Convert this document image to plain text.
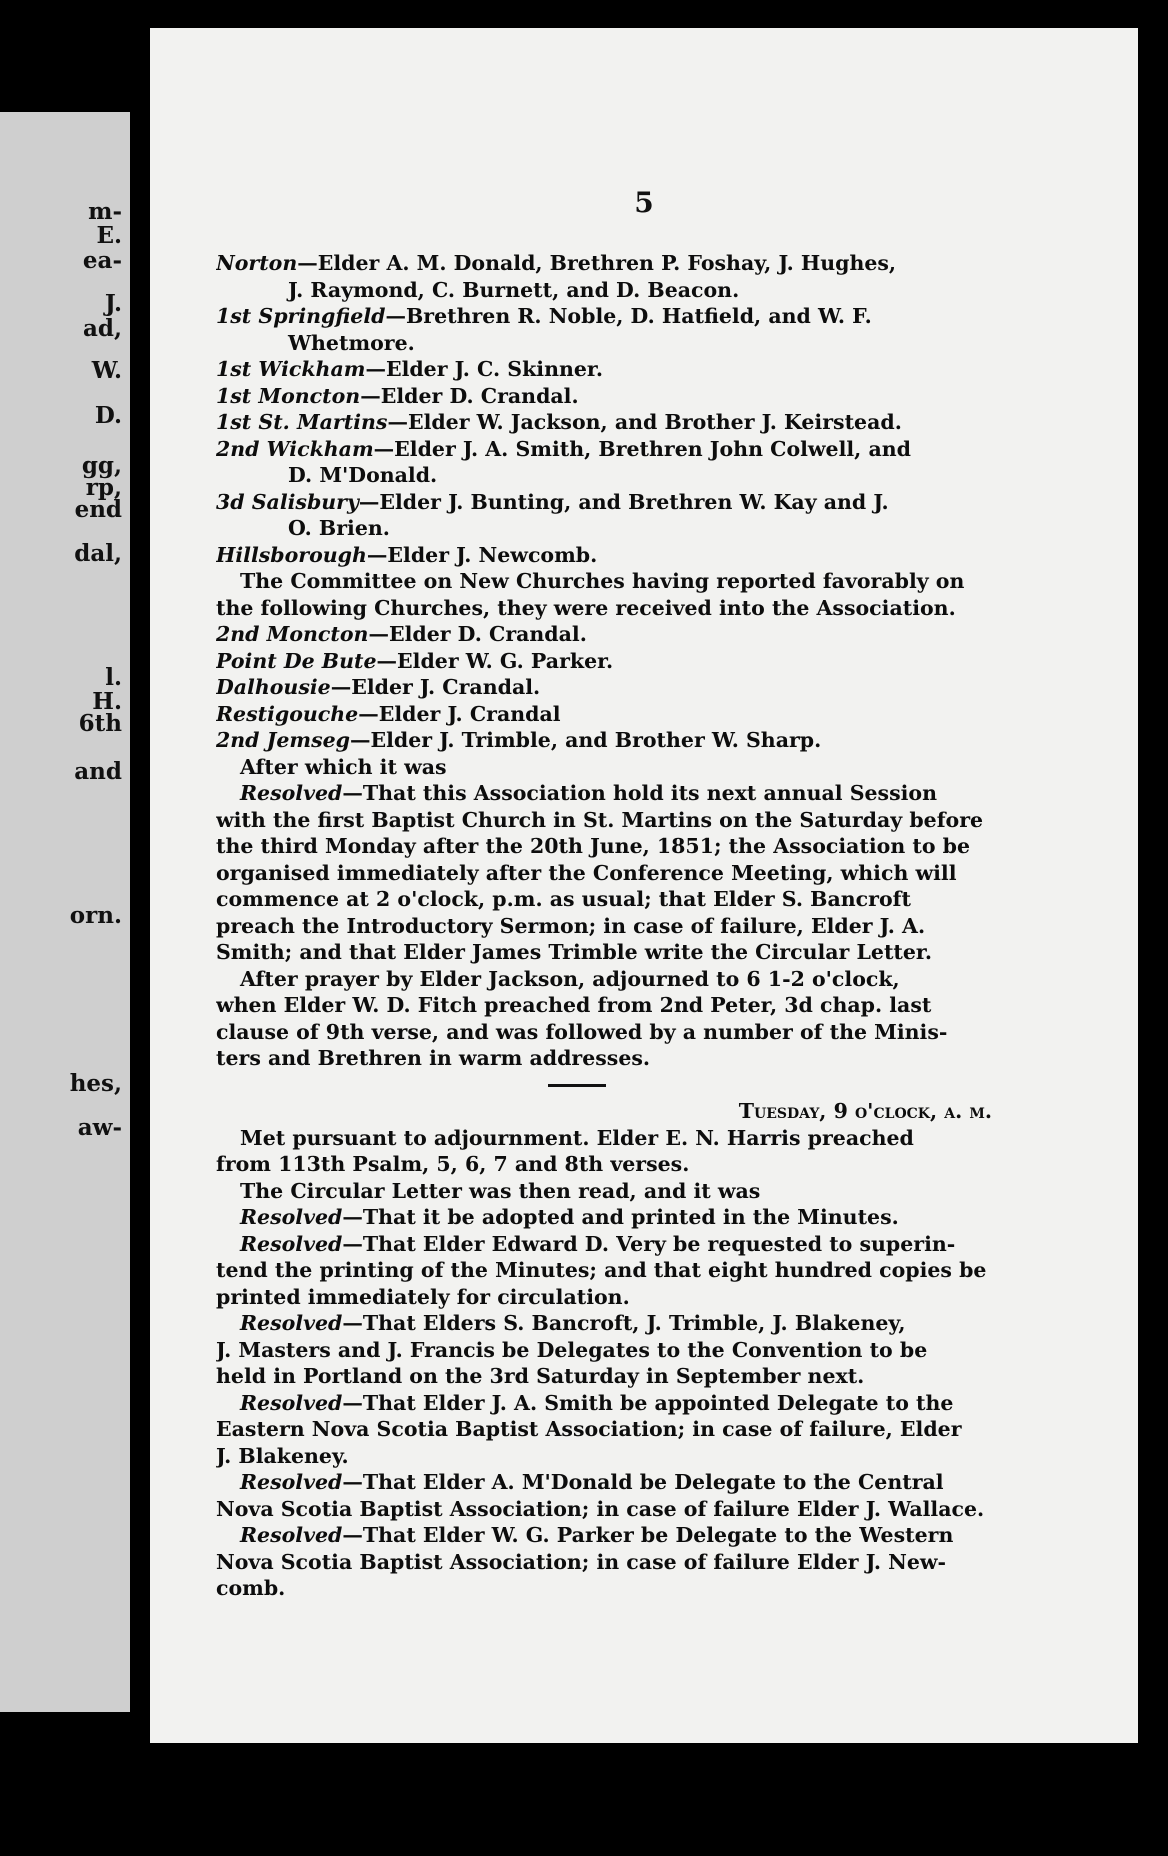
m-
E.
ea-
J.
ad,
W.
D.
gg,
rp,
end
dal,
l.
H.
6th
and
orn.
hes,
aw-

5

Norton—Elder A. M. Donald, Brethren P. Foshay, J. Hughes,
J. Raymond, C. Burnett, and D. Beacon.
1st Springfield—Brethren R. Noble, D. Hatfield, and W. F.
Whetmore.
1st Wickham—Elder J. C. Skinner.
1st Moncton—Elder D. Crandal.
1st St. Martins—Elder W. Jackson, and Brother J. Keirstead.
2nd Wickham—Elder J. A. Smith, Brethren John Colwell, and
D. M'Donald.
3d Salisbury—Elder J. Bunting, and Brethren W. Kay and J.
O. Brien.
Hillsborough—Elder J. Newcomb.
The Committee on New Churches having reported favorably on
the following Churches, they were received into the Association.
2nd Moncton—Elder D. Crandal.
Point De Bute—Elder W. G. Parker.
Dalhousie—Elder J. Crandal.
Restigouche—Elder J. Crandal
2nd Jemseg—Elder J. Trimble, and Brother W. Sharp.
After which it was
Resolved—That this Association hold its next annual Session
with the first Baptist Church in St. Martins on the Saturday before
the third Monday after the 20th June, 1851; the Association to be
organised immediately after the Conference Meeting, which will
commence at 2 o'clock, p.m. as usual; that Elder S. Bancroft
preach the Introductory Sermon; in case of failure, Elder J. A.
Smith; and that Elder James Trimble write the Circular Letter.
After prayer by Elder Jackson, adjourned to 6 1-2 o'clock,
when Elder W. D. Fitch preached from 2nd Peter, 3d chap. last
clause of 9th verse, and was followed by a number of the Minis-
ters and Brethren in warm addresses.
Tuesday, 9 o'clock, a. m.
Met pursuant to adjournment. Elder E. N. Harris preached
from 113th Psalm, 5, 6, 7 and 8th verses.
The Circular Letter was then read, and it was
Resolved—That it be adopted and printed in the Minutes.
Resolved—That Elder Edward D. Very be requested to superin-
tend the printing of the Minutes; and that eight hundred copies be
printed immediately for circulation.
Resolved—That Elders S. Bancroft, J. Trimble, J. Blakeney,
J. Masters and J. Francis be Delegates to the Convention to be
held in Portland on the 3rd Saturday in September next.
Resolved—That Elder J. A. Smith be appointed Delegate to the
Eastern Nova Scotia Baptist Association; in case of failure, Elder
J. Blakeney.
Resolved—That Elder A. M'Donald be Delegate to the Central
Nova Scotia Baptist Association; in case of failure Elder J. Wallace.
Resolved—That Elder W. G. Parker be Delegate to the Western
Nova Scotia Baptist Association; in case of failure Elder J. New-
comb.
